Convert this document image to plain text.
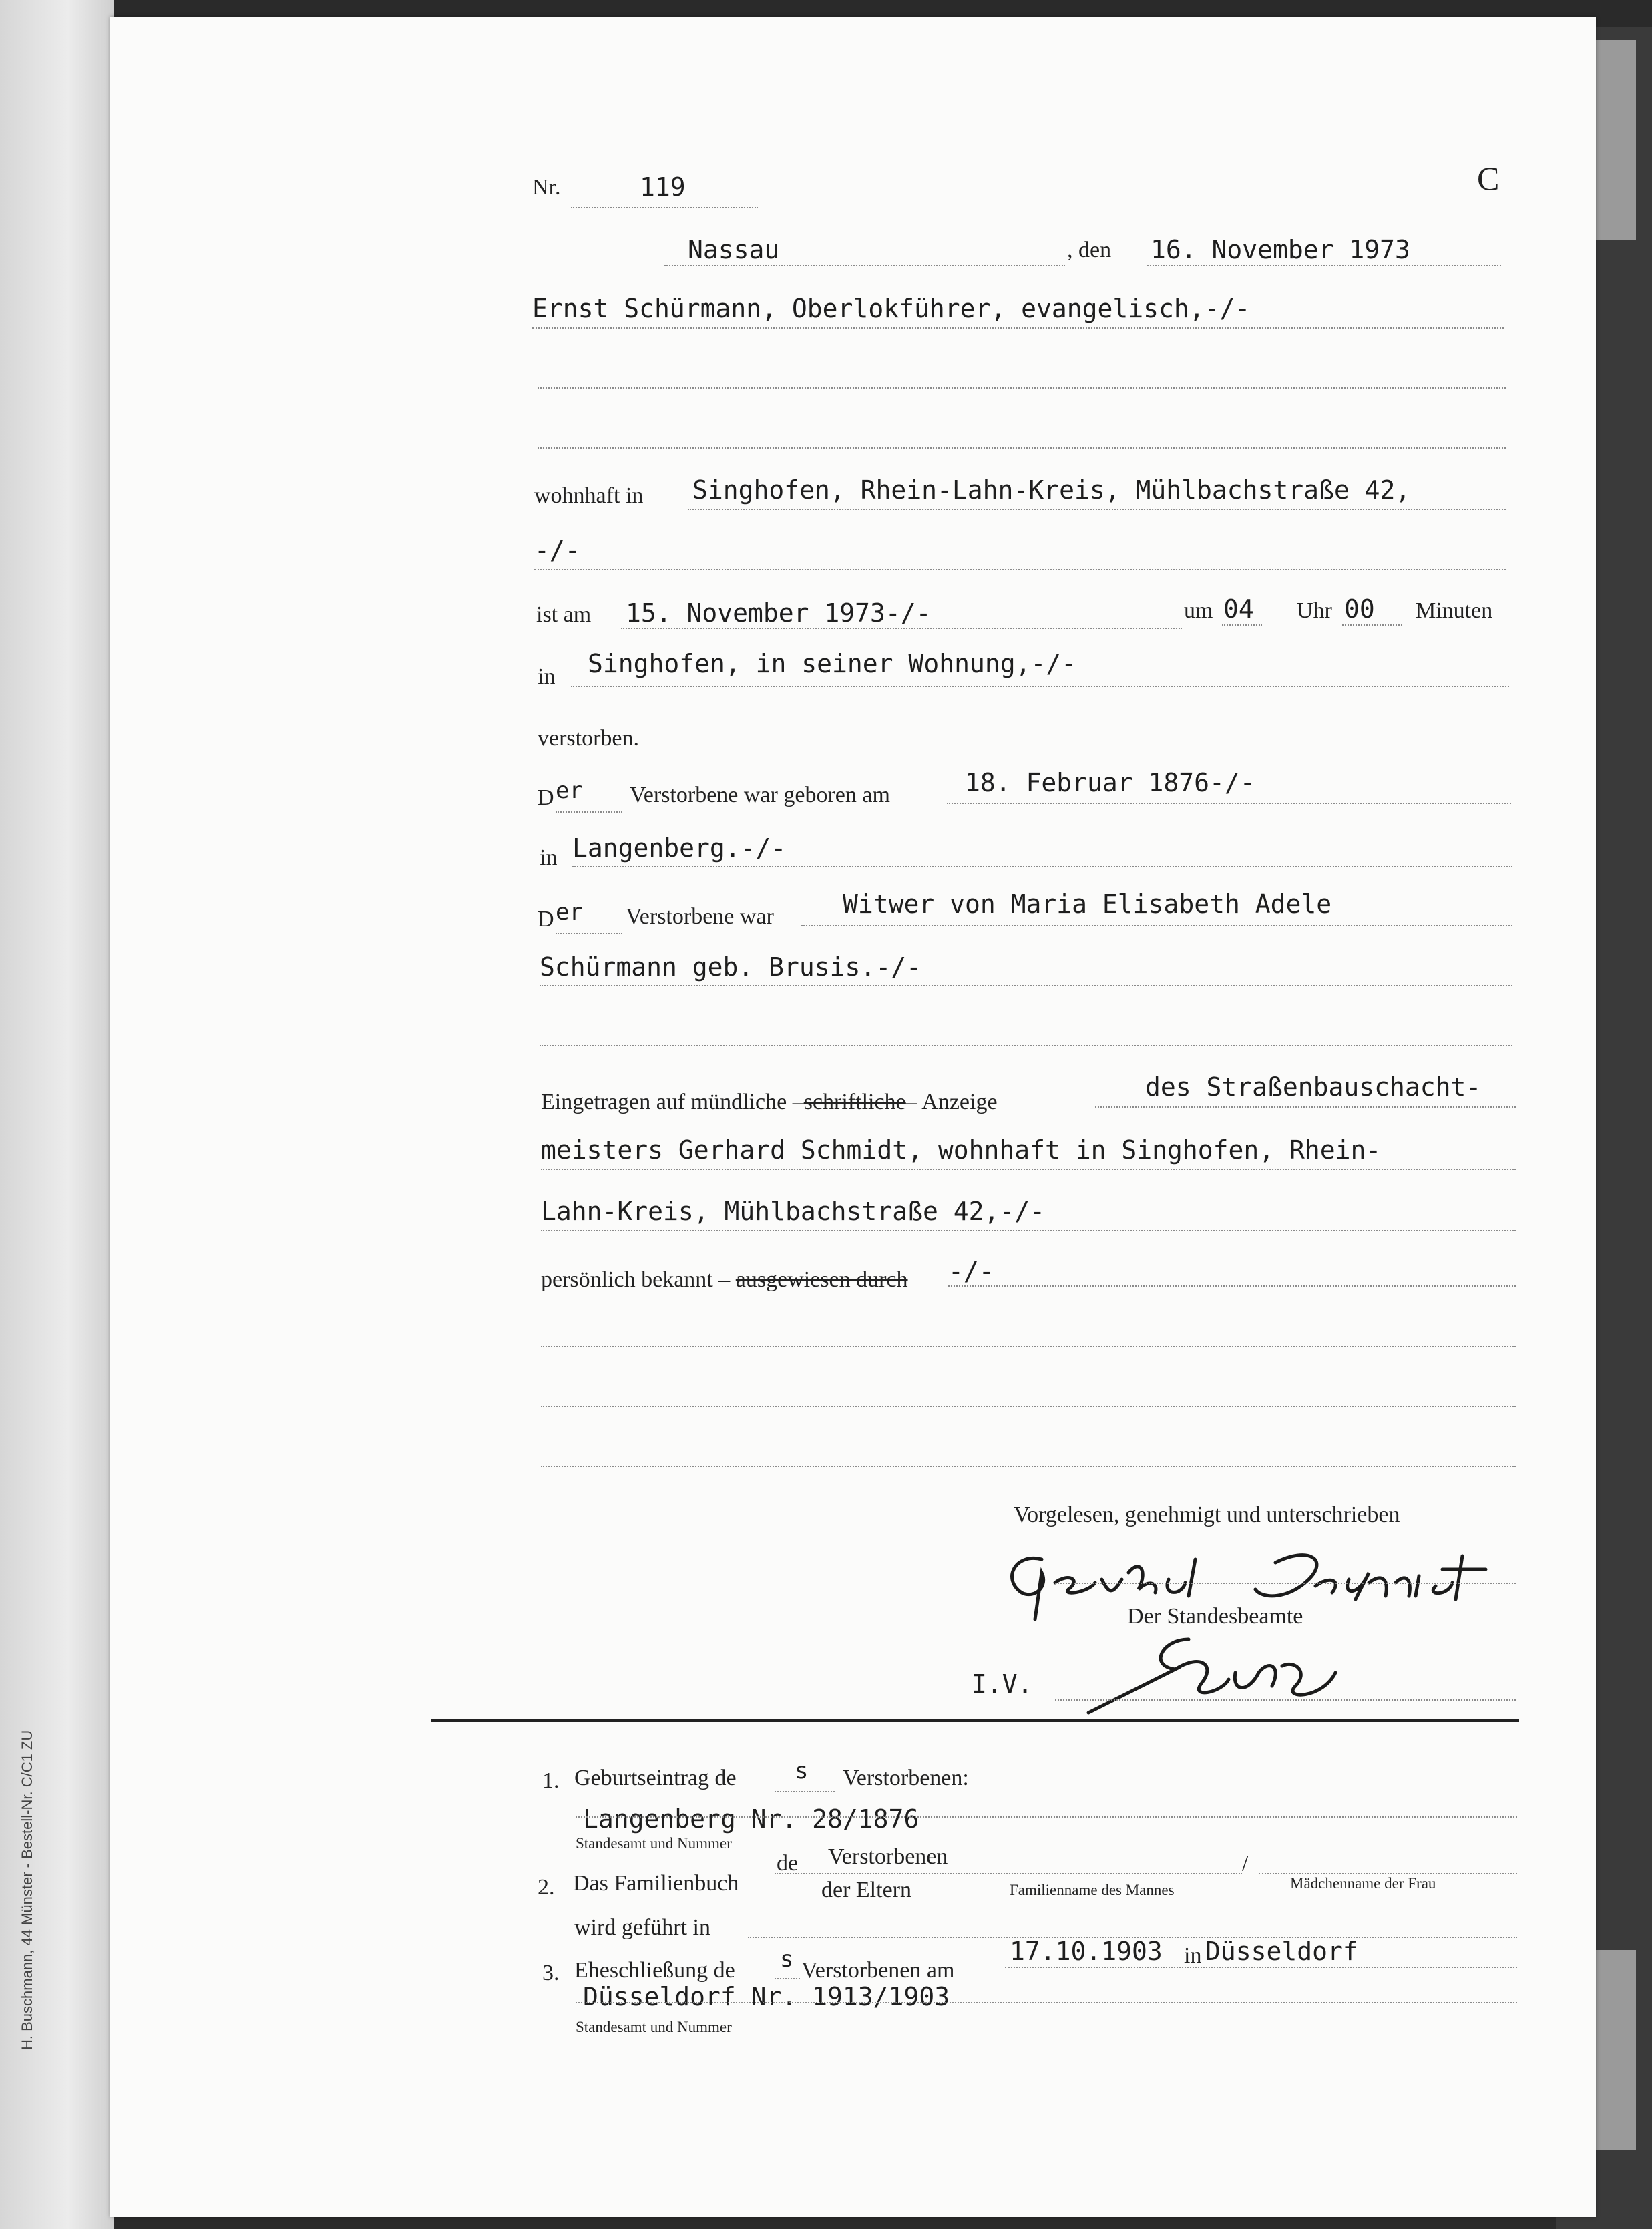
H. Buschmann, 44 Münster - Bestell-Nr. C/C1 ZU
Nr.	119	C
Nassau	, den 16. November 1973
Ernst Schürmann, Oberlokführer, evangelisch,-/-
wohnhaft in Singhofen, Rhein-Lahn-Kreis, Mühlbachstraße 42,
-/-
ist am 15. November 1973-/-	um 04 Uhr 00 Minuten
in Singhofen, in seiner Wohnung,-/-
verstorben.
D er Verstorbene war geboren am	18. Februar 1876-/-
in Langenberg.-/-
D er Verstorbene war	Witwer von Maria Elisabeth Adele
Schürmann geb. Brusis.-/-
Eingetragen auf mündliche –schriftliche– Anzeige
des Straßenbauschacht-
meisters Gerhard Schmidt, wohnhaft in Singhofen, Rhein-
Lahn-Kreis, Mühlbachstraße 42,-/-
persönlich bekannt – ausgewiesen durch -/-
Vorgelesen, genehmigt und unterschrieben
Der Standesbeamte
I.V.
1. Geburtseintrag de	s Verstorbenen:
Langenberg Nr. 28/1876
Standesamt und Nummer
2. Das Familienbuch
de Verstorbenen
der Eltern
/
Familienname des Mannes	Mädchenname der Frau
wird geführt in
3. Eheschließung de s Verstorbenen am
17.10.1903 in Düsseldorf
Düsseldorf Nr. 1913/1903
Standesamt und Nummer
